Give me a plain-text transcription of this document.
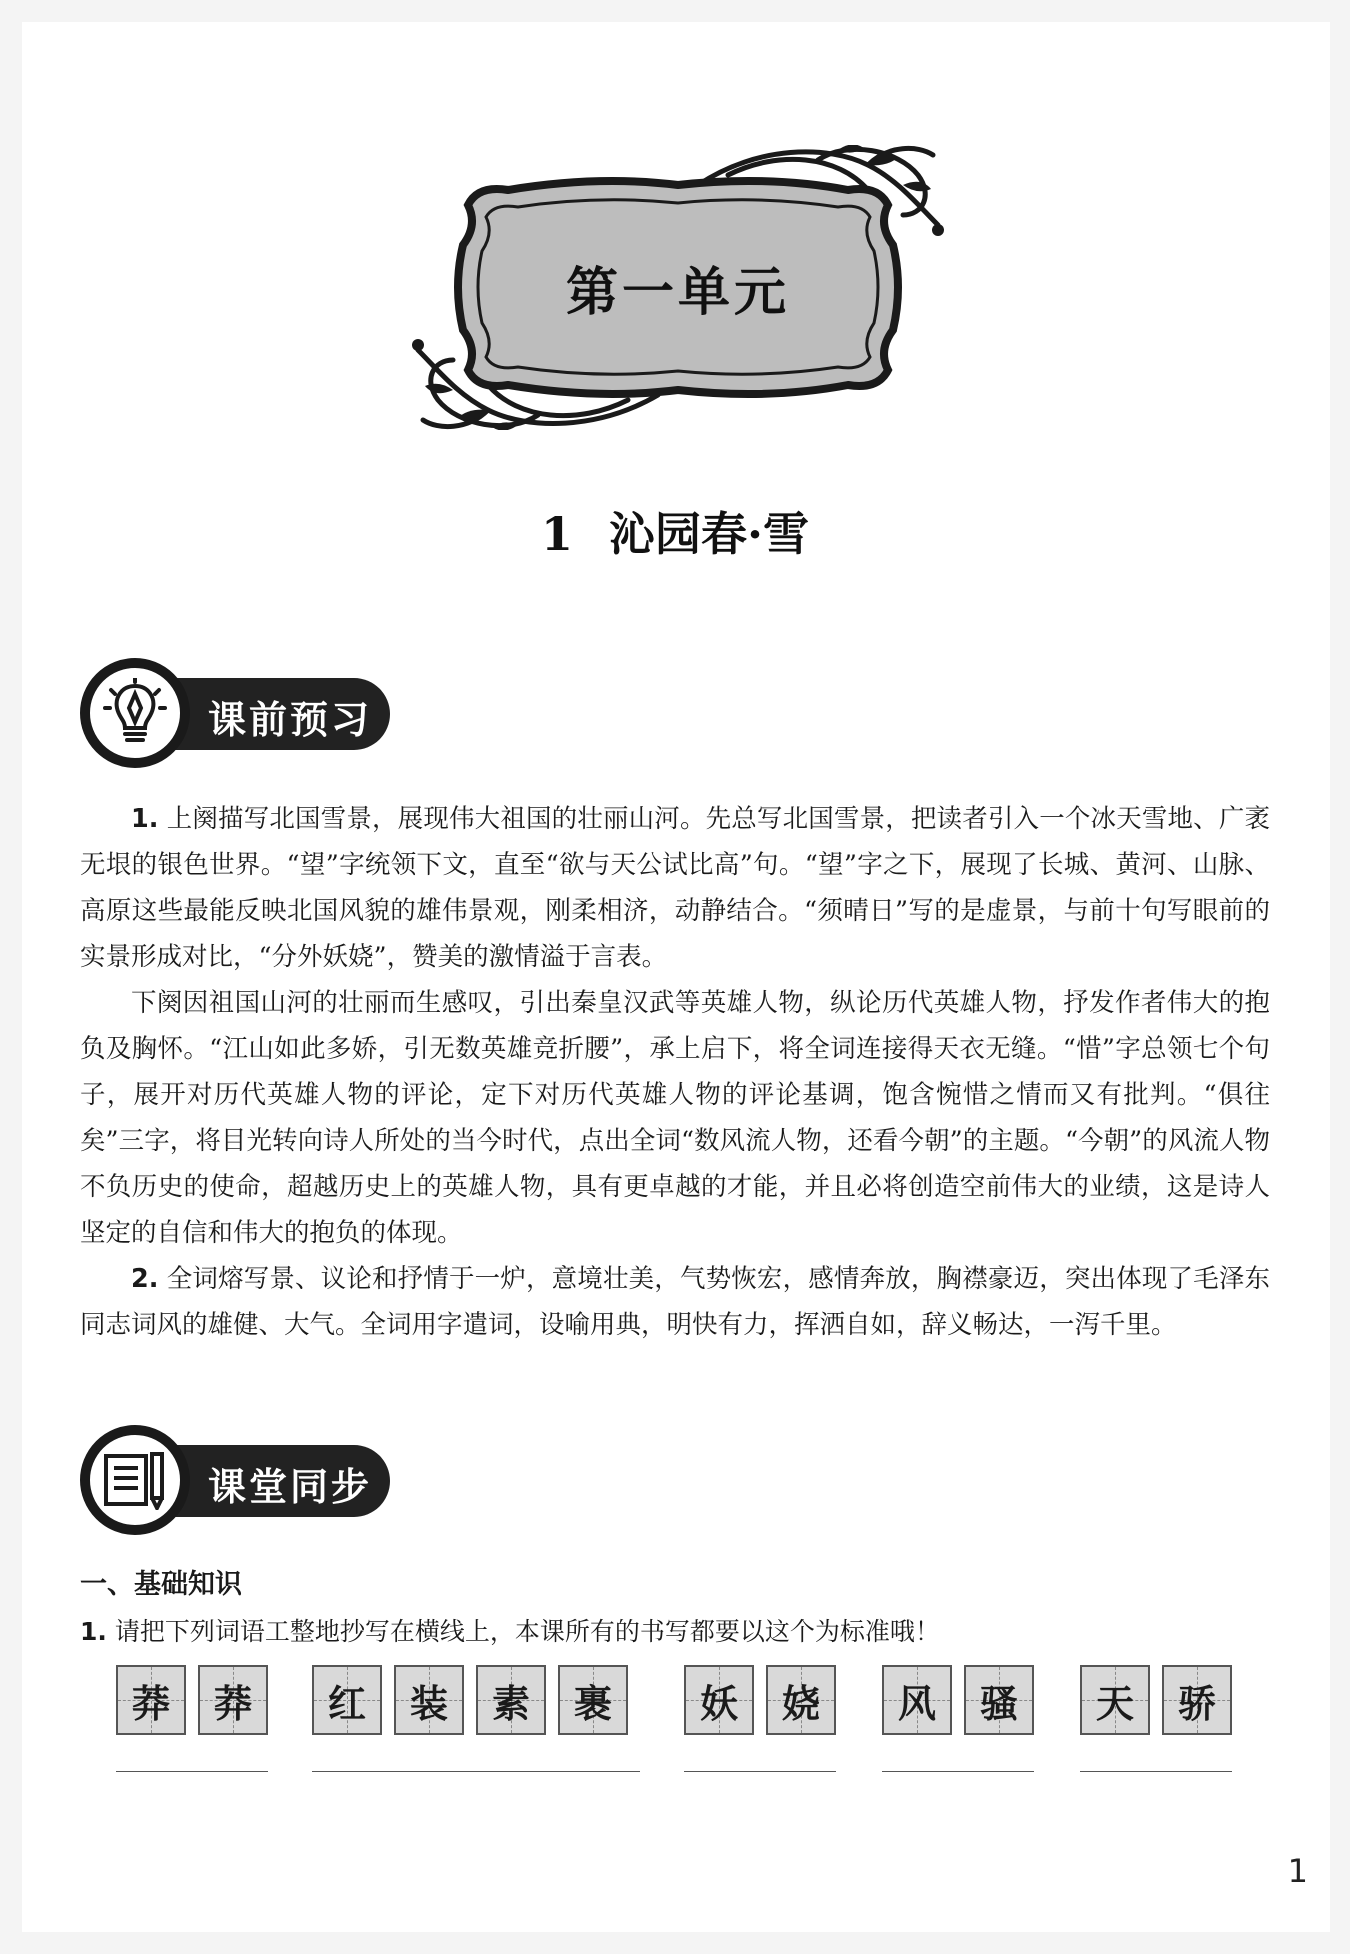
第一单元
1 沁园春·雪
课前预习

1. 上阕描写北国雪景，展现伟大祖国的壮丽山河。先总写北国雪景，把读者引入一个冰天雪地、广袤无垠的银色世界。“望”字统领下文，直至“欲与天公试比高”句。“望”字之下，展现了长城、黄河、山脉、高原这些最能反映北国风貌的雄伟景观，刚柔相济，动静结合。“须晴日”写的是虚景，与前十句写眼前的实景形成对比，“分外妖娆”，赞美的激情溢于言表。

下阕因祖国山河的壮丽而生感叹，引出秦皇汉武等英雄人物，纵论历代英雄人物，抒发作者伟大的抱负及胸怀。“江山如此多娇，引无数英雄竞折腰”，承上启下，将全词连接得天衣无缝。“惜”字总领七个句子，展开对历代英雄人物的评论，定下对历代英雄人物的评论基调，饱含惋惜之情而又有批判。“俱往矣”三字，将目光转向诗人所处的当今时代，点出全词“数风流人物，还看今朝”的主题。“今朝”的风流人物不负历史的使命，超越历史上的英雄人物，具有更卓越的才能，并且必将创造空前伟大的业绩，这是诗人坚定的自信和伟大的抱负的体现。

2. 全词熔写景、议论和抒情于一炉，意境壮美，气势恢宏，感情奔放，胸襟豪迈，突出体现了毛泽东同志词风的雄健、大气。全词用字遣词，设喻用典，明快有力，挥洒自如，辞义畅达，一泻千里。

课堂同步
一、基础知识
1. 请把下列词语工整地抄写在横线上，本课所有的书写都要以这个为标准哦！
莽 莽 红 装 素 裹 妖 娆 风 骚 天 骄
1
